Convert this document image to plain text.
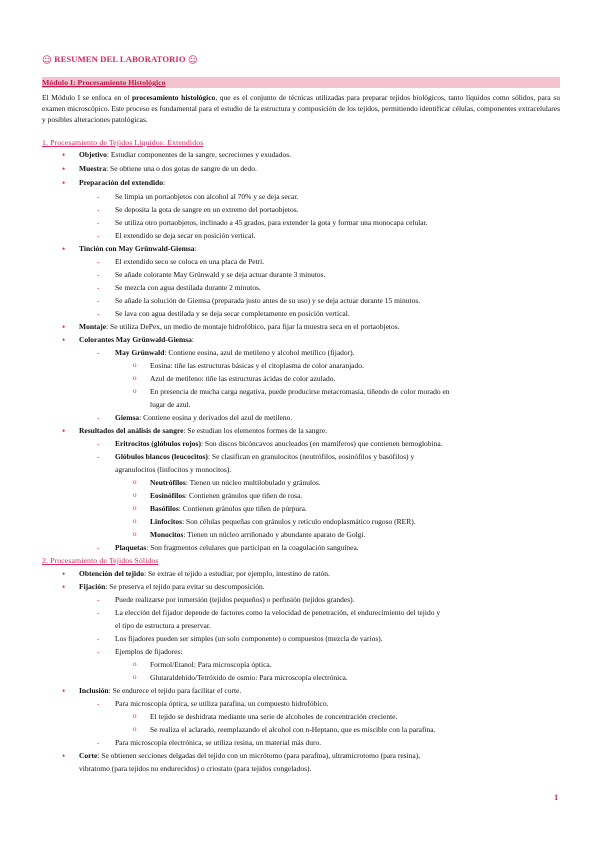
☺ RESUMEN DEL LABORATORIO ☺
Módulo I: Procesamiento Histológico
El Módulo I se enfoca en el procesamiento histológico, que es el conjunto de técnicas utilizadas para preparar tejidos biológicos, tanto líquidos como sólidos, para su examen microscópico. Este proceso es fundamental para el estudio de la estructura y composición de los tejidos, permitiendo identificar células, componentes extracelulares y posibles alteraciones patológicas.
1. Procesamiento de Tejidos Líquidos: Extendidos
• Objetivo: Estudiar componentes de la sangre, secreciones y exudados.
• Muestra: Se obtiene una o dos gotas de sangre de un dedo.
• Preparación del extendido:
- Se limpia un portaobjetos con alcohol al 70% y se deja secar.
- Se deposita la gota de sangre en un extremo del portaobjetos.
- Se utiliza otro portaobjetos, inclinado a 45 grados, para extender la gota y formar una monocapa celular.
- El extendido se deja secar en posición vertical.
• Tinción con May Grünwald-Giemsa:
- El extendido seco se coloca en una placa de Petri.
- Se añade colorante May Grünwald y se deja actuar durante 3 minutos.
- Se mezcla con agua destilada durante 2 minutos.
- Se añade la solución de Giemsa (preparada justo antes de su uso) y se deja actuar durante 15 minutos.
- Se lava con agua destilada y se deja secar completamente en posición vertical.
• Montaje: Se utiliza DePex, un medio de montaje hidrofóbico, para fijar la muestra seca en el portaobjetos.
• Colorantes May Grünwald-Giemsa:
- May Grünwald: Contiene eosina, azul de metileno y alcohol metílico (fijador).
o Eosina: tiñe las estructuras básicas y el citoplasma de color anaranjado.
o Azul de metileno: tiñe las estructuras ácidas de color azulado.
o En presencia de mucha carga negativa, puede producirse metacromasia, tiñendo de color morado en
lugar de azul.
- Giemsa: Contiene eosina y derivados del azul de metileno.
• Resultados del análisis de sangre: Se estudian los elementos formes de la sangre.
- Eritrocitos (glóbulos rojos): Son discos bicóncavos anucleados (en mamíferos) que contienen hemoglobina.
- Glóbulos blancos (leucocitos): Se clasifican en granulocitos (neutrófilos, eosinófilos y basófilos) y
agranulocitos (linfocitos y monocitos).
o Neutrófilos: Tienen un núcleo multilobulado y gránulos.
o Eosinófilos: Contienen gránulos que tiñen de rosa.
o Basófilos: Contienen gránulos que tiñen de púrpura.
o Linfocitos: Son células pequeñas con gránulos y retículo endoplasmático rugoso (RER).
o Monocitos: Tienen un núcleo arriñonado y abundante aparato de Golgi.
- Plaquetas: Son fragmentos celulares que participan en la coagulación sanguínea.
2. Procesamiento de Tejidos Sólidos
• Obtención del tejido: Se extrae el tejido a estudiar, por ejemplo, intestino de ratón.
• Fijación: Se preserva el tejido para evitar su descomposición.
- Puede realizarse por inmersión (tejidos pequeños) o perfusión (tejidos grandes).
- La elección del fijador depende de factores como la velocidad de penetración, el endurecimiento del tejido y
el tipo de estructura a preservar.
- Los fijadores pueden ser simples (un solo componente) o compuestos (mezcla de varios).
- Ejemplos de fijadores:
o Formol/Etanol: Para microscopía óptica.
o Glutaraldehído/Tetróxido de osmio: Para microscopía electrónica.
• Inclusión: Se endurece el tejido para facilitar el corte.
- Para microscopía óptica, se utiliza parafina, un compuesto hidrofóbico.
o El tejido se deshidrata mediante una serie de alcoholes de concentración creciente.
o Se realiza el aclarado, reemplazando el alcohol con n-Heptano, que es miscible con la parafina.
- Para microscopía electrónica, se utiliza resina, un material más duro.
• Corte: Se obtienen secciones delgadas del tejido con un micrótomo (para parafina), ultramicrotomo (para resina),
vibratomo (para tejidos no endurecidos) o criostato (para tejidos congelados).
1
